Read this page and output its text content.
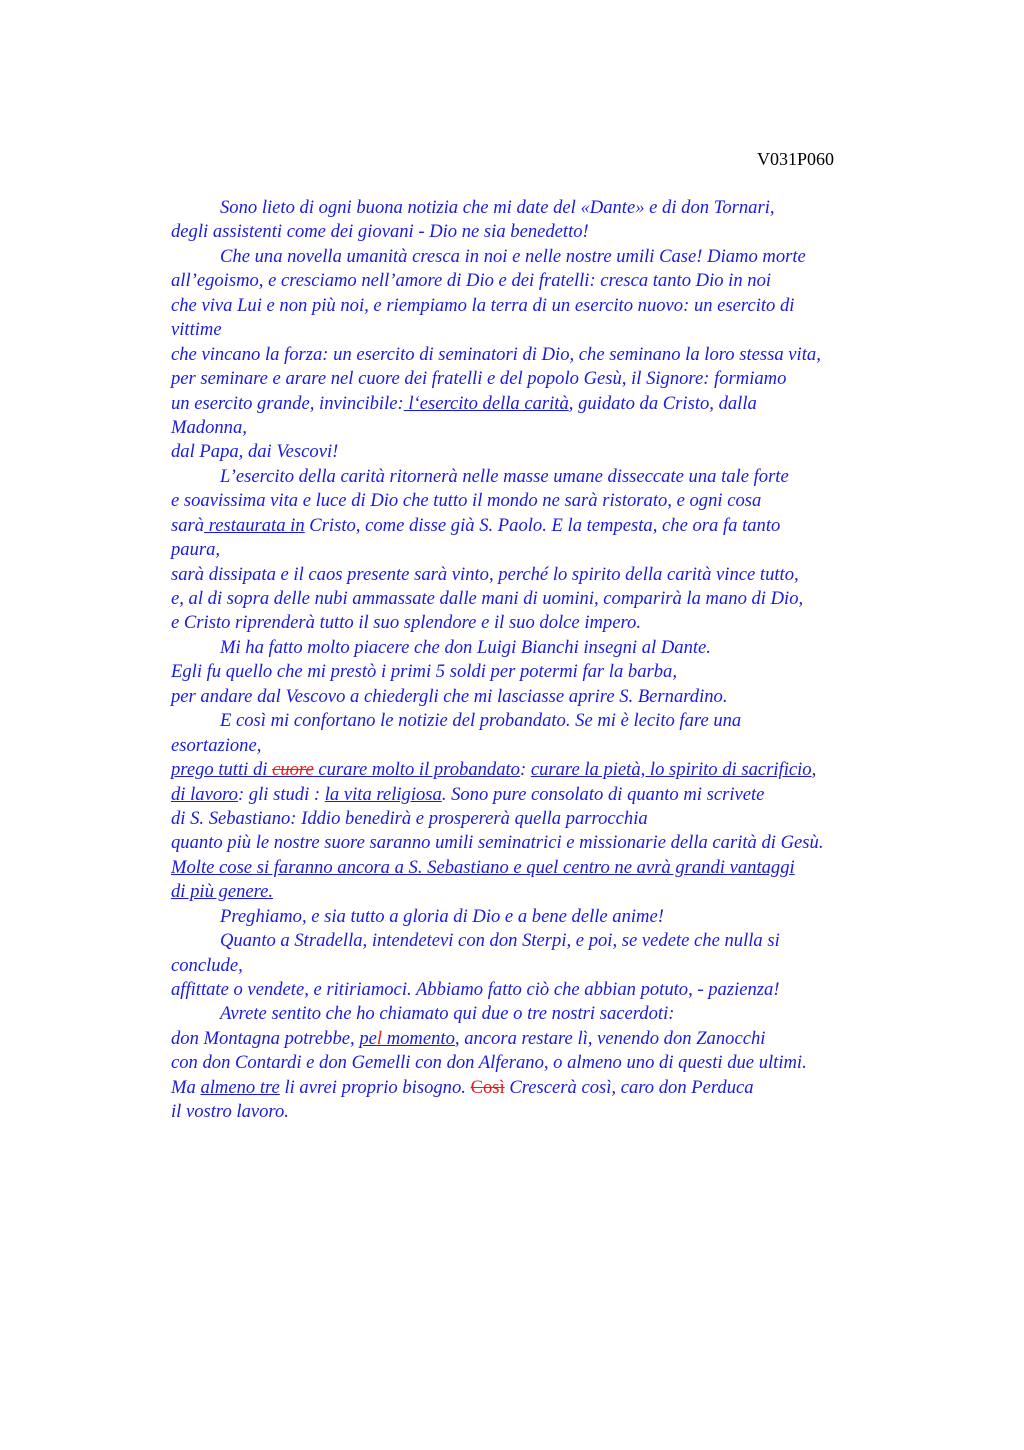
V031P060
Sono lieto di ogni buona notizia che mi date del «Dante» e di don Tornari,
degli assistenti come dei giovani - Dio ne sia benedetto!
Che una novella umanità cresca in noi e nelle nostre umili Case! Diamo morte
all’egoismo, e cresciamo nell’amore di Dio e dei fratelli: cresca tanto Dio in noi
che viva Lui e non più noi, e riempiamo la terra di un esercito nuovo: un esercito di
vittime
che vincano la forza: un esercito di seminatori di Dio, che seminano la loro stessa vita,
per seminare e arare nel cuore dei fratelli e del popolo Gesù, il Signore: formiamo
un esercito grande, invincibile: l‘esercito della carità, guidato da Cristo, dalla
Madonna,
dal Papa, dai Vescovi!
L’esercito della carità ritornerà nelle masse umane disseccate una tale forte
e soavissima vita e luce di Dio che tutto il mondo ne sarà ristorato, e ogni cosa
sarà restaurata in Cristo, come disse già S. Paolo. E la tempesta, che ora fa tanto
paura,
sarà dissipata e il caos presente sarà vinto, perché lo spirito della carità vince tutto,
e, al di sopra delle nubi ammassate dalle mani di uomini, comparirà la mano di Dio,
e Cristo riprenderà tutto il suo splendore e il suo dolce impero.
Mi ha fatto molto piacere che don Luigi Bianchi insegni al Dante.
Egli fu quello che mi prestò i primi 5 soldi per potermi far la barba,
per andare dal Vescovo a chiedergli che mi lasciasse aprire S. Bernardino.
E così mi confortano le notizie del probandato. Se mi è lecito fare una
esortazione,
prego tutti di cuore curare molto il probandato: curare la pietà, lo spirito di sacrificio,
di lavoro: gli studi : la vita religiosa. Sono pure consolato di quanto mi scrivete
di S. Sebastiano: Iddio benedirà e prospererà quella parrocchia
quanto più le nostre suore saranno umili seminatrici e missionarie della carità di Gesù.
Molte cose si faranno ancora a S. Sebastiano e quel centro ne avrà grandi vantaggi
di più genere.
Preghiamo, e sia tutto a gloria di Dio e a bene delle anime!
Quanto a Stradella, intendetevi con don Sterpi, e poi, se vedete che nulla si
conclude,
affittate o vendete, e ritiriamoci. Abbiamo fatto ciò che abbian potuto, - pazienza!
Avrete sentito che ho chiamato qui due o tre nostri sacerdoti:
don Montagna potrebbe, pel momento, ancora restare lì, venendo don Zanocchi
con don Contardi e don Gemelli con don Alferano, o almeno uno di questi due ultimi.
Ma almeno tre li avrei proprio bisogno. Così Crescerà così, caro don Perduca
il vostro lavoro.
